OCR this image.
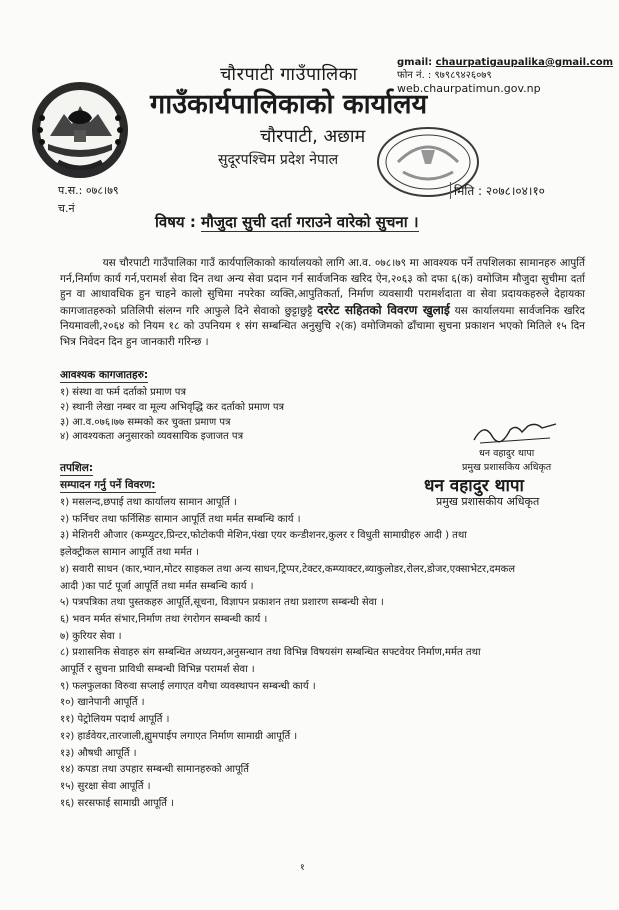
चौरपाटी गाउँपालिका
गाउँकार्यपालिकाको कार्यालय
चौरपाटी, अछाम
सुदूरपश्चिम प्रदेश नेपाल
gmail: chaurpatigaupalika@gmail.com
फोन नं. : ९७९८९४२६०७९
web.chaurpatimun.gov.np
प.स.: ०७८।७९
च.नं
मिति : २०७८।०४।१०
विषय : मौजुदा सुची दर्ता गराउने वारेको सुचना ।
यस चौरपाटी गाउँपालिका गाउँ कार्यपालिकाको कार्यालयको लागि आ.व. ०७८।७९ मा आवश्यक पर्ने तपशिलका सामानहरु आपुर्ति गर्न,निर्माण कार्य गर्न,परामर्श सेवा दिन तथा अन्य सेवा प्रदान गर्न सार्वजनिक खरिद ऐन,२०६३ को दफा ६(क) वमोजिम मौजुदा सुचीमा दर्ता हुन वा आधावधिक हुन चाहने कालो सुचिमा नपरेका व्यक्ति,आपुतिकर्ता, निर्माण व्यवसायी परामर्शदाता वा सेवा प्रदायकहरुले देहायका कागजातहरुको प्रतिलिपी संलग्न गरि आफुले दिने सेवाको छुट्टाछुट्टै दररेट सहितको विवरण खुलाई यस कार्यालयमा सार्वजनिक खरिद नियमावली,२०६४ को नियम १८ को उपनियम १ संग सम्बन्धित अनुसुचि २(क) वमोजिमको ढाँचामा सुचना प्रकाशन भएको मितिले १५ दिन भित्र निवेदन दिन हुन जानकारी गरिन्छ ।
आवश्यक कागजातहरु:
१) संस्था वा फर्म दर्ताको प्रमाण पत्र
२) स्थानी लेखा नम्बर वा मूल्य अभिवृद्धि कर दर्ताको प्रमाण पत्र
३) आ.व.०७६।७७ सम्मको कर चुक्ता प्रमाण पत्र
४) आवश्यकता अनुसारको व्यवसायिक इजाजत पत्र
धन वहादुर थापा
प्रमुख प्रशासकिय अधिकृत
धन वहादुर थापा
प्रमुख प्रशासकीय अधिकृत
तपशिल:
सम्पादन गर्नु पर्ने विवरण:
१) मसलन्द,छपाई तथा कार्यालय सामान आपूर्ति ।
२) फर्निचर तथा फर्निसिङ सामान आपूर्ति तथा मर्मत सम्बन्धि कार्य ।
३) मेशिनरी औजार (कम्प्युटर,प्रिन्टर,फोटोकपी मेशिन,पंखा एयर कन्डीशनर,कुलर र विधुती सामाग्रीहरु आदी ) तथा
इलेक्ट्रीकल सामान आपूर्ति तथा मर्मत ।
४) सवारी साधन (कार,भ्यान,मोटर साइकल तथा अन्य साधन,ट्रिप्पर,टेक्टर,कम्प्याक्टर,ब्याकुलोडर,रोलर,डोजर,एक्साभेटर,दमकल
आदी )का पार्ट पूर्जा आपूर्ति तथा मर्मत सम्बन्धि कार्य ।
५) पत्रपत्रिका तथा पुस्तकहरु आपूर्ति,सूचना, विज्ञापन प्रकाशन तथा प्रशारण सम्बन्धी सेवा ।
६) भवन मर्मत संभार,निर्माण तथा रंगरोगन सम्बन्धी कार्य ।
७) कुरियर सेवा ।
८) प्रशासनिक सेवाहरु संग सम्बन्धित अध्ययन,अनुसन्धान तथा विभिन्न विषयसंग सम्बन्धित सफ्टवेयर निर्माण,मर्मत तथा
आपूर्ति र सुचना प्राविधी सम्बन्धी विभिन्न परामर्श सेवा ।
९) फलफुलका विरुवा सप्लाई लगाएत वगैचा व्यवस्थापन सम्बन्धी कार्य ।
१०) खानेपानी आपूर्ति ।
११) पेट्रोलियम पदार्थ आपूर्ति ।
१२) हार्डवेयर,तारजाली,ह्युमपाईप लगाएत निर्माण सामाग्री आपूर्ति ।
१३) औषधी आपूर्ति ।
१४) कपडा तथा उपहार सम्बन्धी सामानहरुको आपूर्ति
१५) सुरक्षा सेवा आपूर्ति ।
१६) सरसफाई सामाग्री आपूर्ति ।
१
